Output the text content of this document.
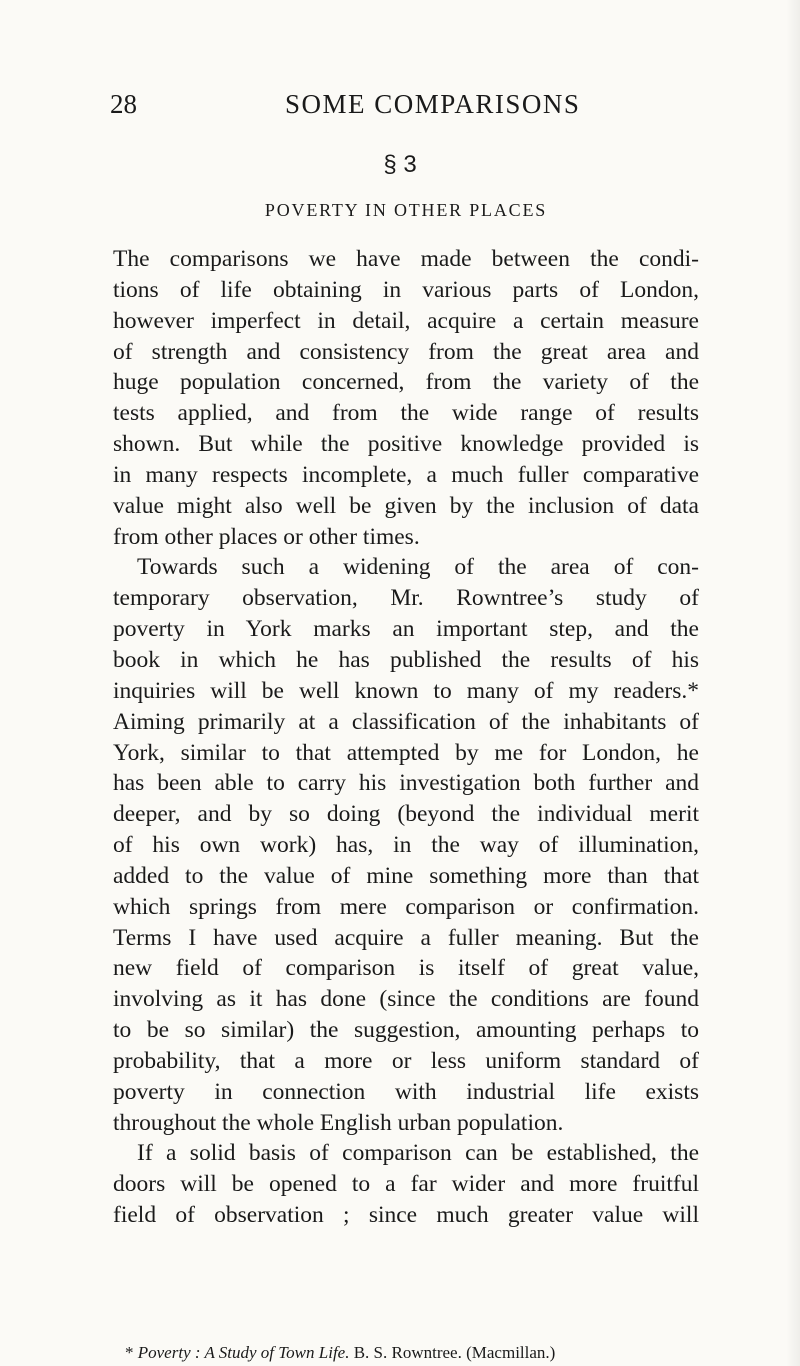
28	SOME COMPARISONS
§ 3
POVERTY IN OTHER PLACES
The comparisons we have made between the condi-
tions of life obtaining in various parts of London,
however imperfect in detail, acquire a certain measure
of strength and consistency from the great area and
huge population concerned, from the variety of the
tests applied, and from the wide range of results
shown. But while the positive knowledge provided is
in many respects incomplete, a much fuller comparative
value might also well be given by the inclusion of data
from other places or other times.
Towards such a widening of the area of con-
temporary observation, Mr. Rowntree’s study of
poverty in York marks an important step, and the
book in which he has published the results of his
inquiries will be well known to many of my readers.*
Aiming primarily at a classification of the inhabitants of
York, similar to that attempted by me for London, he
has been able to carry his investigation both further and
deeper, and by so doing (beyond the individual merit
of his own work) has, in the way of illumination,
added to the value of mine something more than that
which springs from mere comparison or confirmation.
Terms I have used acquire a fuller meaning. But the
new field of comparison is itself of great value,
involving as it has done (since the conditions are found
to be so similar) the suggestion, amounting perhaps to
probability, that a more or less uniform standard of
poverty in connection with industrial life exists
throughout the whole English urban population.
If a solid basis of comparison can be established, the
doors will be opened to a far wider and more fruitful
field of observation ; since much greater value will
* Poverty : A Study of Town Life. B. S. Rowntree. (Macmillan.)
